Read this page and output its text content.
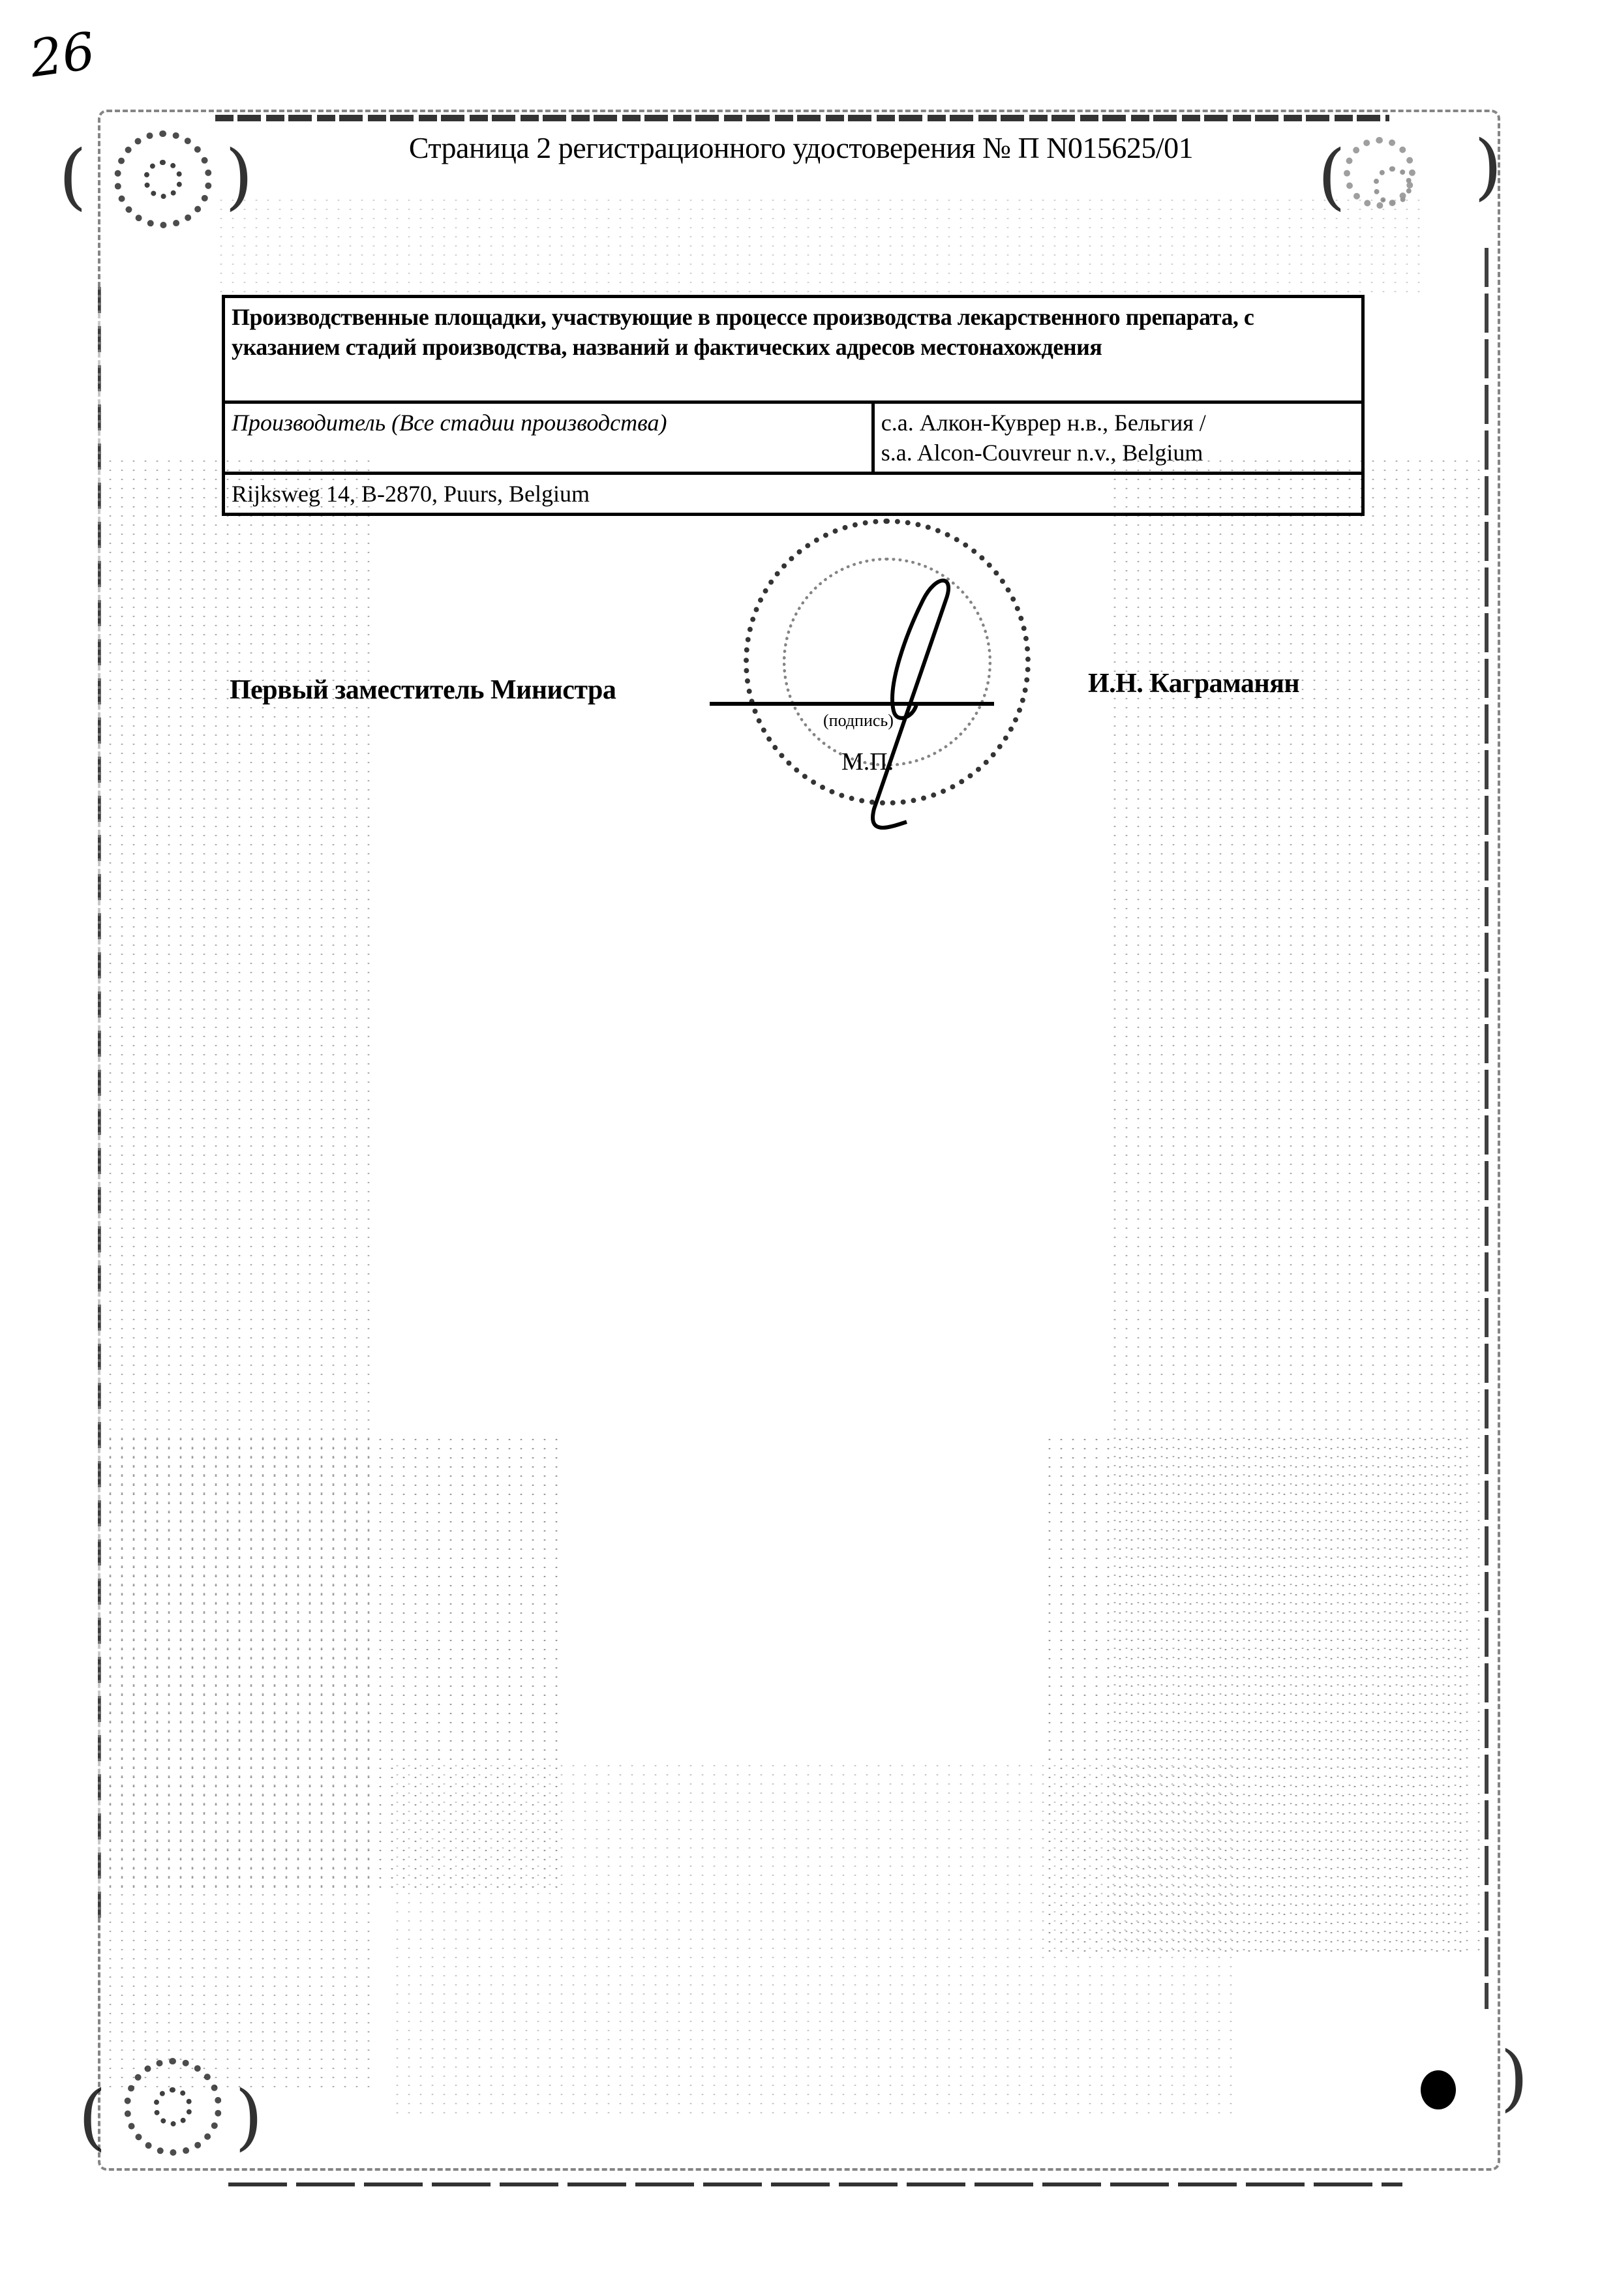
( )	( )
( )	)
26
Страница 2 регистрационного удостоверения № П N015625/01
Производственные площадки, участвующие в процессе производства лекарственного препарата, с указанием стадий производства, названий и фактических адресов местонахождения
Производитель (Все стадии производства)	с.а. Алкон-Куврер н.в., Бельгия /
s.a. Alcon-Couvreur n.v., Belgium

Rijksweg 14, B-2870, Puurs, Belgium
Первый заместитель Министра
(подпись)
М.П.
И.Н. Каграманян
